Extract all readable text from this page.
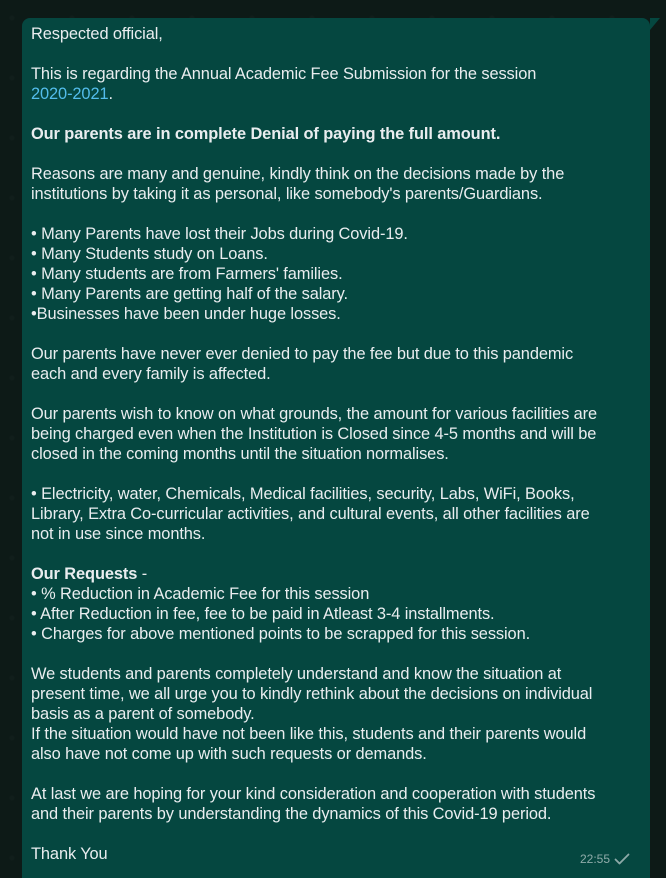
Respected official,

This is regarding the Annual Academic Fee Submission for the session
2020-2021.

Our parents are in complete Denial of paying the full amount.

Reasons are many and genuine, kindly think on the decisions made by the
institutions by taking it as personal, like somebody's parents/Guardians.

• Many Parents have lost their Jobs during Covid-19.
• Many Students study on Loans.
• Many students are from Farmers' families.
• Many Parents are getting half of the salary.
•Businesses have been under huge losses.

Our parents have never ever denied to pay the fee but due to this pandemic
each and every family is affected.

Our parents wish to know on what grounds, the amount for various facilities are
being charged even when the Institution is Closed since 4-5 months and will be
closed in the coming months until the situation normalises.

• Electricity, water, Chemicals, Medical facilities, security, Labs, WiFi, Books,
Library, Extra Co-curricular activities, and cultural events, all other facilities are
not in use since months.

Our Requests -
• % Reduction in Academic Fee for this session
• After Reduction in fee, fee to be paid in Atleast 3-4 installments.
• Charges for above mentioned points to be scrapped for this session.

We students and parents completely understand and know the situation at
present time, we all urge you to kindly rethink about the decisions on individual
basis as a parent of somebody.
If the situation would have not been like this, students and their parents would
also have not come up with such requests or demands.

At last we are hoping for your kind consideration and cooperation with students
and their parents by understanding the dynamics of this Covid-19 period.

Thank You	22:55
